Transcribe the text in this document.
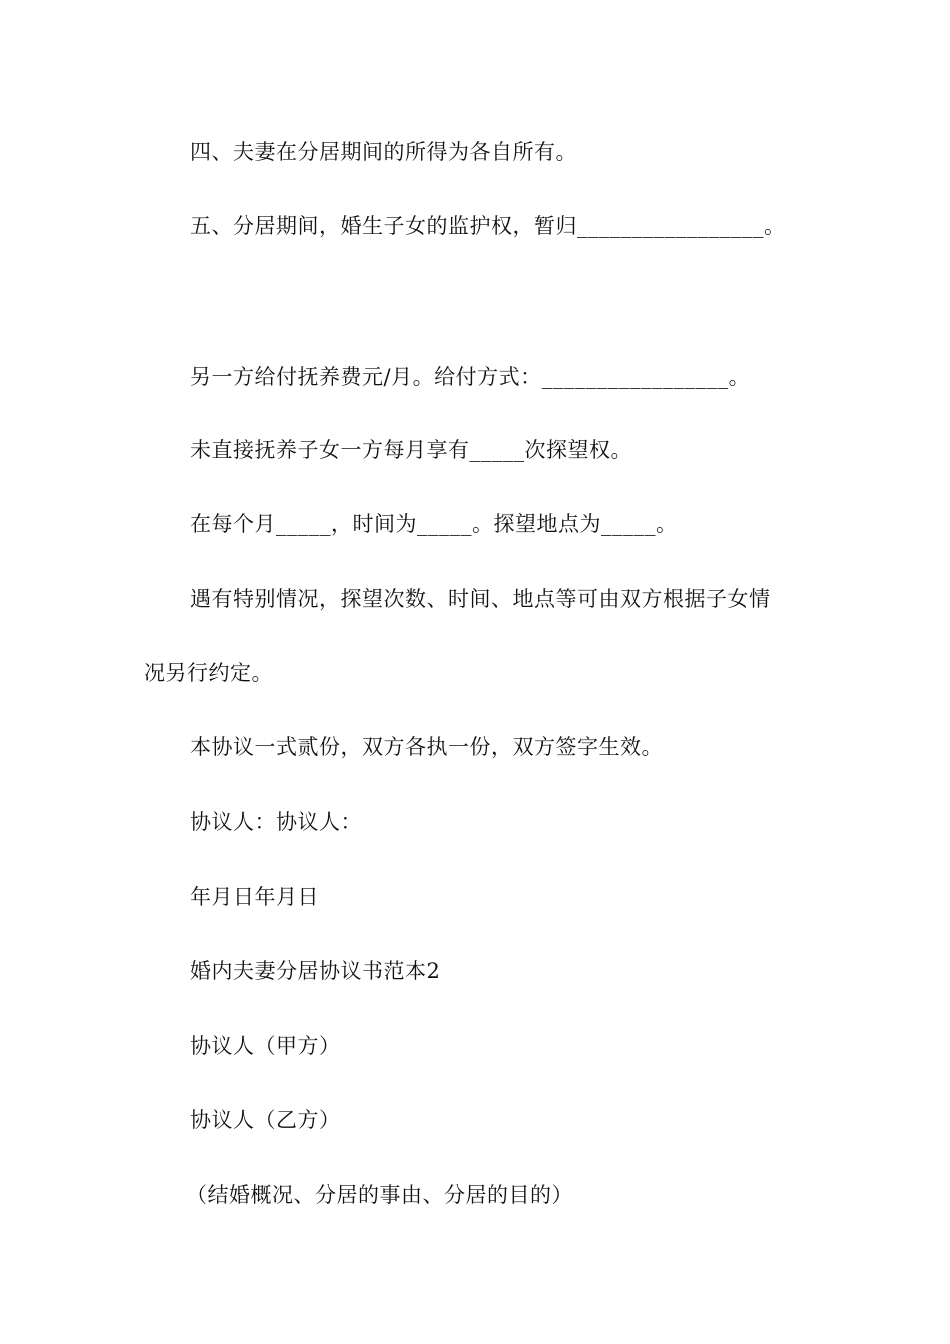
四、夫妻在分居期间的所得为各自所有。
五、分居期间，婚生子女的监护权，暂归_________________。
另一方给付抚养费元/月。给付方式：_________________。
未直接抚养子女一方每月享有_____次探望权。
在每个月_____，时间为_____。探望地点为_____。
遇有特别情况，探望次数、时间、地点等可由双方根据子女情
况另行约定。
本协议一式贰份，双方各执一份，双方签字生效。
协议人：协议人：
年月日年月日
婚内夫妻分居协议书范本2
协议人（甲方）
协议人（乙方）
（结婚概况、分居的事由、分居的目的）
